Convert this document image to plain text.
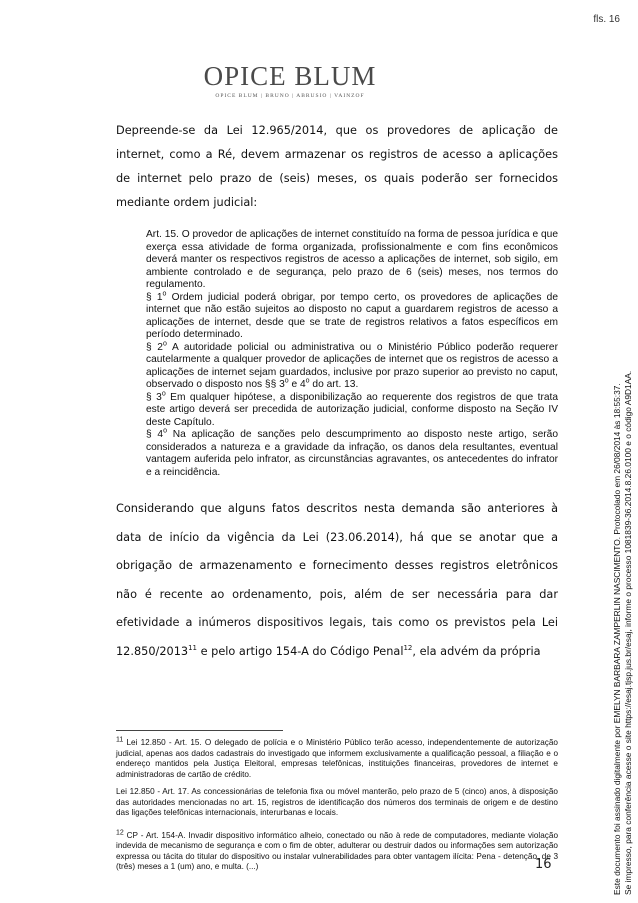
fls. 16
OPICE BLUM
OPICE BLUM | BRUNO | ABRUSIO | VAINZOF

Depreende-se da Lei 12.965/2014, que os provedores de aplicação de internet, como a Ré, devem armazenar os registros de acesso a aplicações de internet pelo prazo de (seis) meses, os quais poderão ser fornecidos mediante ordem judicial:

Art. 15. O provedor de aplicações de internet constituído na forma de pessoa jurídica e que exerça essa atividade de forma organizada, profissionalmente e com fins econômicos deverá manter os respectivos registros de acesso a aplicações de internet, sob sigilo, em ambiente controlado e de segurança, pelo prazo de 6 (seis) meses, nos termos do regulamento.

§ 1$^o$ Ordem judicial poderá obrigar, por tempo certo, os provedores de aplicações de internet que não estão sujeitos ao disposto no caput a guardarem registros de acesso a aplicações de internet, desde que se trate de registros relativos a fatos específicos em período determinado.

§ 2$^o$ A autoridade policial ou administrativa ou o Ministério Público poderão requerer cautelarmente a qualquer provedor de aplicações de internet que os registros de acesso a aplicações de internet sejam guardados, inclusive por prazo superior ao previsto no caput, observado o disposto nos §§ 3$^o$ e 4$^o$ do art. 13.

§ 3$^o$ Em qualquer hipótese, a disponibilização ao requerente dos registros de que trata este artigo deverá ser precedida de autorização judicial, conforme disposto na Seção IV deste Capítulo.

§ 4$^o$ Na aplicação de sanções pelo descumprimento ao disposto neste artigo, serão considerados a natureza e a gravidade da infração, os danos dela resultantes, eventual vantagem auferida pelo infrator, as circunstâncias agravantes, os antecedentes do infrator e a reincidência.

Considerando que alguns fatos descritos nesta demanda são anteriores à data de início da vigência da Lei (23.06.2014), há que se anotar que a obrigação de armazenamento e fornecimento desses registros eletrônicos não é recente ao ordenamento, pois, além de ser necessária para dar efetividade a inúmeros dispositivos legais, tais como os previstos pela Lei 12.850/2013$^{11}$ e pelo artigo 154-A do Código Penal$^{12}$, ela advém da própria

$^{11}$ Lei 12.850 - Art. 15. O delegado de polícia e o Ministério Público terão acesso, independentemente de autorização judicial, apenas aos dados cadastrais do investigado que informem exclusivamente a qualificação pessoal, a filiação e o endereço mantidos pela Justiça Eleitoral, empresas telefônicas, instituições financeiras, provedores de internet e administradoras de cartão de crédito.

Lei 12.850 - Art. 17. As concessionárias de telefonia fixa ou móvel manterão, pelo prazo de 5 (cinco) anos, à disposição das autoridades mencionadas no art. 15, registros de identificação dos números dos terminais de origem e de destino das ligações telefônicas internacionais, interurbanas e locais.

$^{12}$ CP - Art. 154-A. Invadir dispositivo informático alheio, conectado ou não à rede de computadores, mediante violação indevida de mecanismo de segurança e com o fim de obter, adulterar ou destruir dados ou informações sem autorização expressa ou tácita do titular do dispositivo ou instalar vulnerabilidades para obter vantagem ilícita: Pena - detenção, de 3 (três) meses a 1 (um) ano, e multa. (...)	16	Este documento foi assinado digitalmente por EMELYN BARBARA ZAMPERLIN NASCIMENTO. Protocolado em 26/08/2014 às 18:55:37. Se impresso, para conferência acesse o site https://esaj.tjsp.jus.br/esaj, informe o processo 1081839-36.2014.8.26.0100 e o código A9D1AA.
